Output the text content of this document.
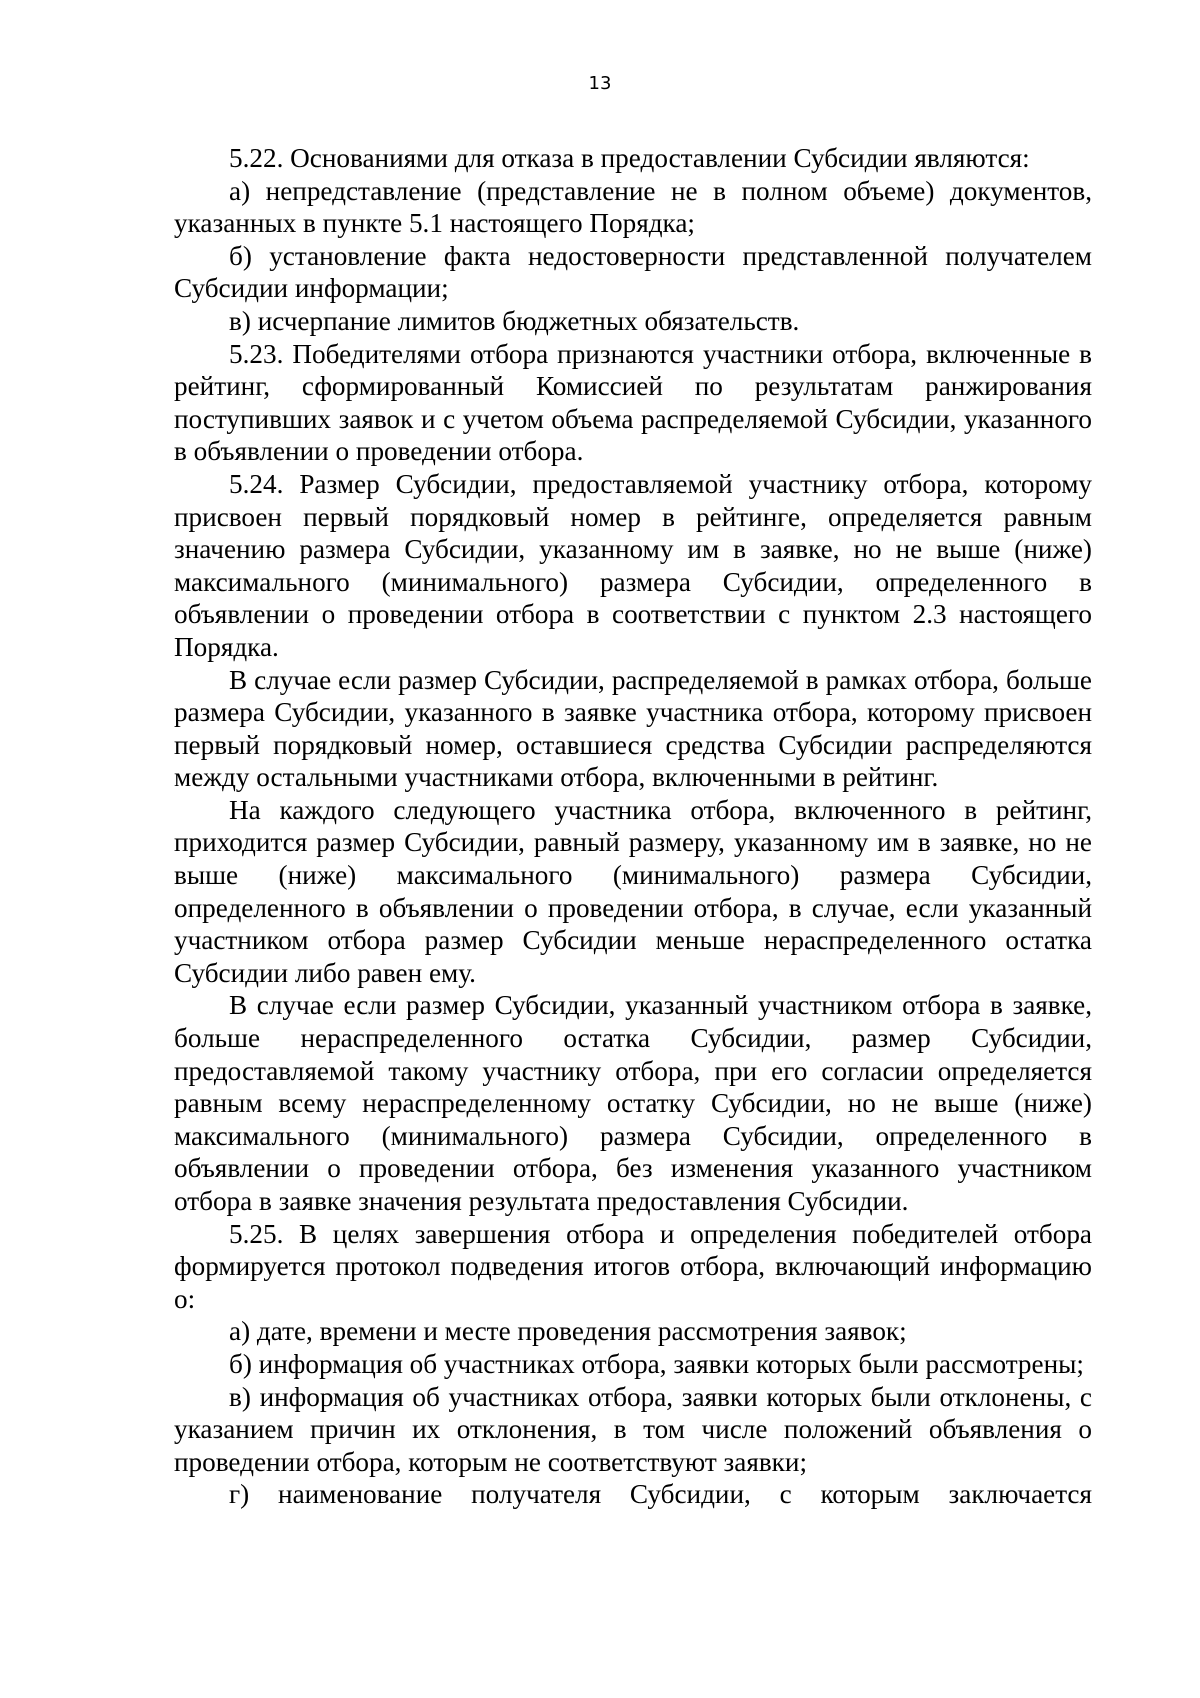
13

5.22. Основаниями для отказа в предоставлении Субсидии являются:

а) непредставление (представление не в полном объеме) документов, указанных в пункте 5.1 настоящего Порядка;

б) установление факта недостоверности представленной получателем Субсидии информации;

в) исчерпание лимитов бюджетных обязательств.

5.23. Победителями отбора признаются участники отбора, включенные в рейтинг, сформированный Комиссией по результатам ранжирования поступивших заявок и с учетом объема распределяемой Субсидии, указанного в объявлении о проведении отбора.

5.24. Размер Субсидии, предоставляемой участнику отбора, которому присвоен первый порядковый номер в рейтинге, определяется равным значению размера Субсидии, указанному им в заявке, но не выше (ниже) максимального (минимального) размера Субсидии, определенного в объявлении о проведении отбора в соответствии с пунктом 2.3 настоящего Порядка.

В случае если размер Субсидии, распределяемой в рамках отбора, больше размера Субсидии, указанного в заявке участника отбора, которому присвоен первый порядковый номер, оставшиеся средства Субсидии распределяются между остальными участниками отбора, включенными в рейтинг.

На каждого следующего участника отбора, включенного в рейтинг, приходится размер Субсидии, равный размеру, указанному им в заявке, но не выше (ниже) максимального (минимального) размера Субсидии, определенного в объявлении о проведении отбора, в случае, если указанный участником отбора размер Субсидии меньше нераспределенного остатка Субсидии либо равен ему.

В случае если размер Субсидии, указанный участником отбора в заявке, больше нераспределенного остатка Субсидии, размер Субсидии, предоставляемой такому участнику отбора, при его согласии определяется равным всему нераспределенному остатку Субсидии, но не выше (ниже) максимального (минимального) размера Субсидии, определенного в объявлении о проведении отбора, без изменения указанного участником отбора в заявке значения результата предоставления Субсидии.

5.25. В целях завершения отбора и определения победителей отбора формируется протокол подведения итогов отбора, включающий информацию о:

а) дате, времени и месте проведения рассмотрения заявок;

б) информация об участниках отбора, заявки которых были рассмотрены;

в) информация об участниках отбора, заявки которых были отклонены, с указанием причин их отклонения, в том числе положений объявления о проведении отбора, которым не соответствуют заявки;

г) наименование получателя Субсидии, с которым заключается
